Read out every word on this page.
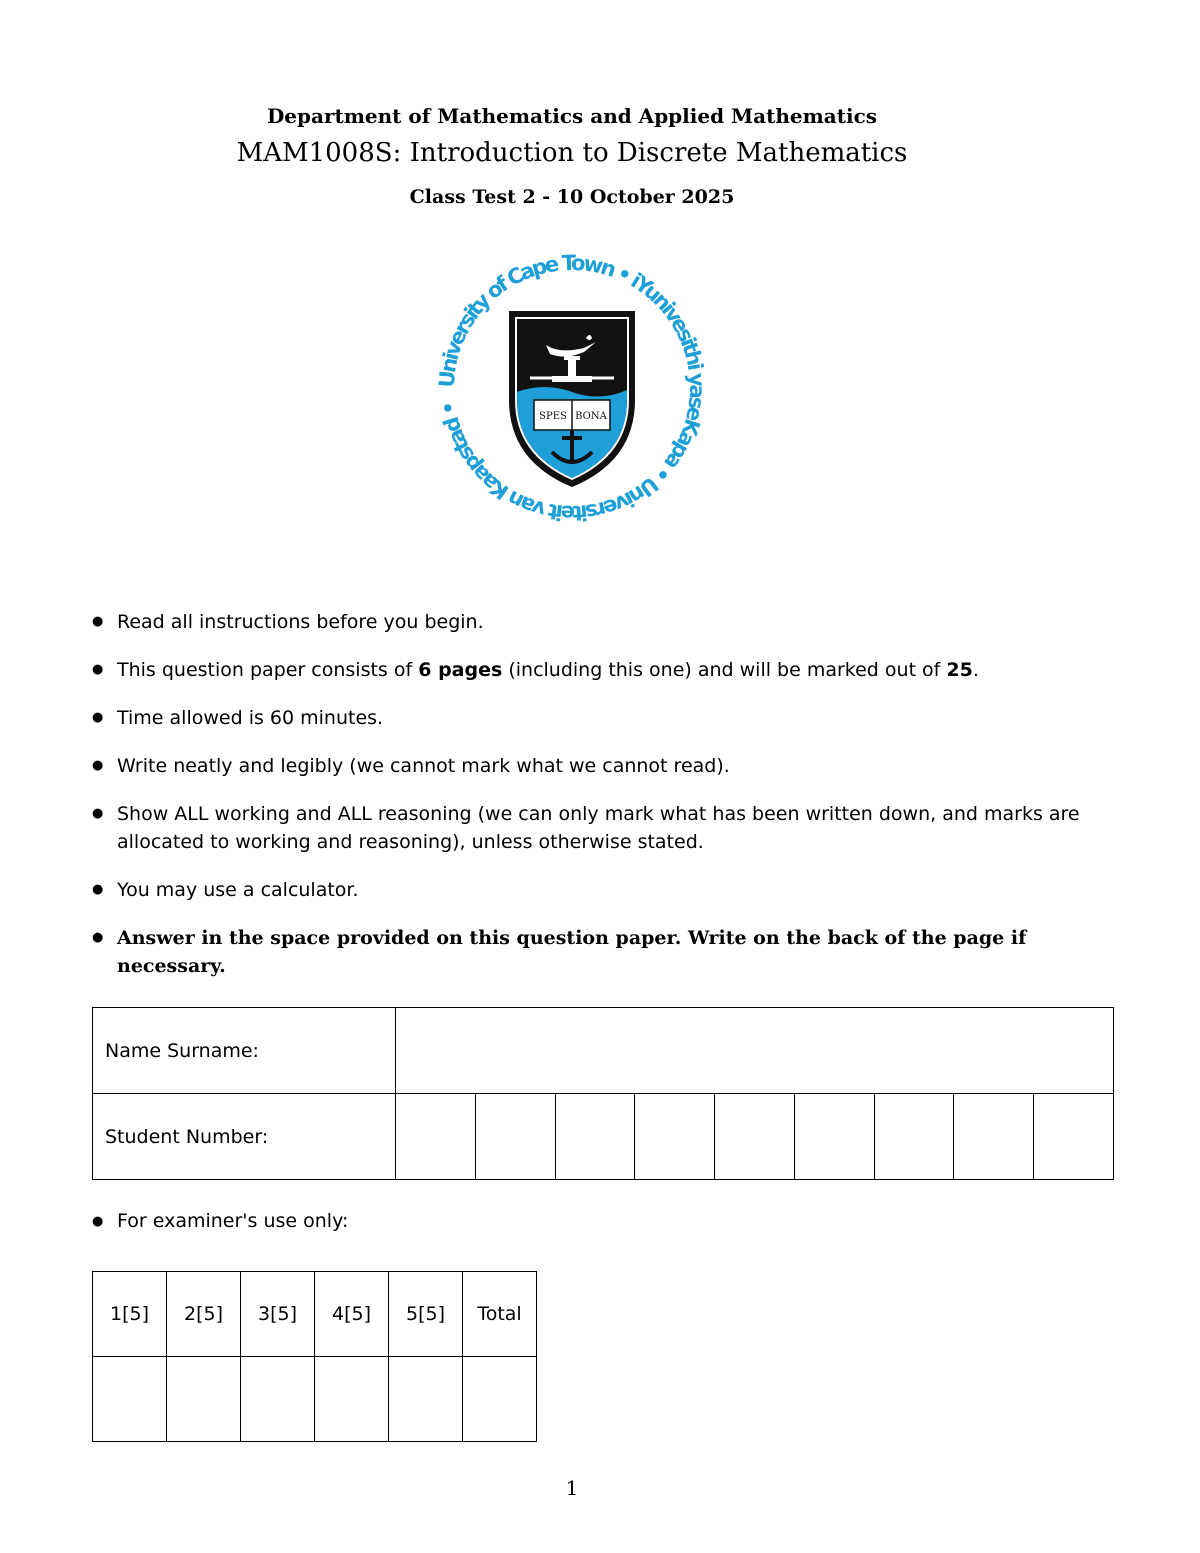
Department of Mathematics and Applied Mathematics
MAM1008S: Introduction to Discrete Mathematics
Class Test 2 - 10 October 2025
University of Cape Town • iYunivesithi yaseKapa • Universiteit van Kaapstad •
SPES BONA
● Read all instructions before you begin.
● This question paper consists of 6 pages (including this one) and will be marked out of 25.
● Time allowed is 60 minutes.
● Write neatly and legibly (we cannot mark what we cannot read).
● Show ALL working and ALL reasoning (we can only mark what has been written down, and marks are allocated to working and reasoning), unless otherwise stated.
● You may use a calculator.
● Answer in the space provided on this question paper. Write on the back of the page if necessary.
Name Surname:									
Student Number:									
● For examiner's use only:
1[5]	2[5]	3[5]	4[5]	5[5]	Total

1
